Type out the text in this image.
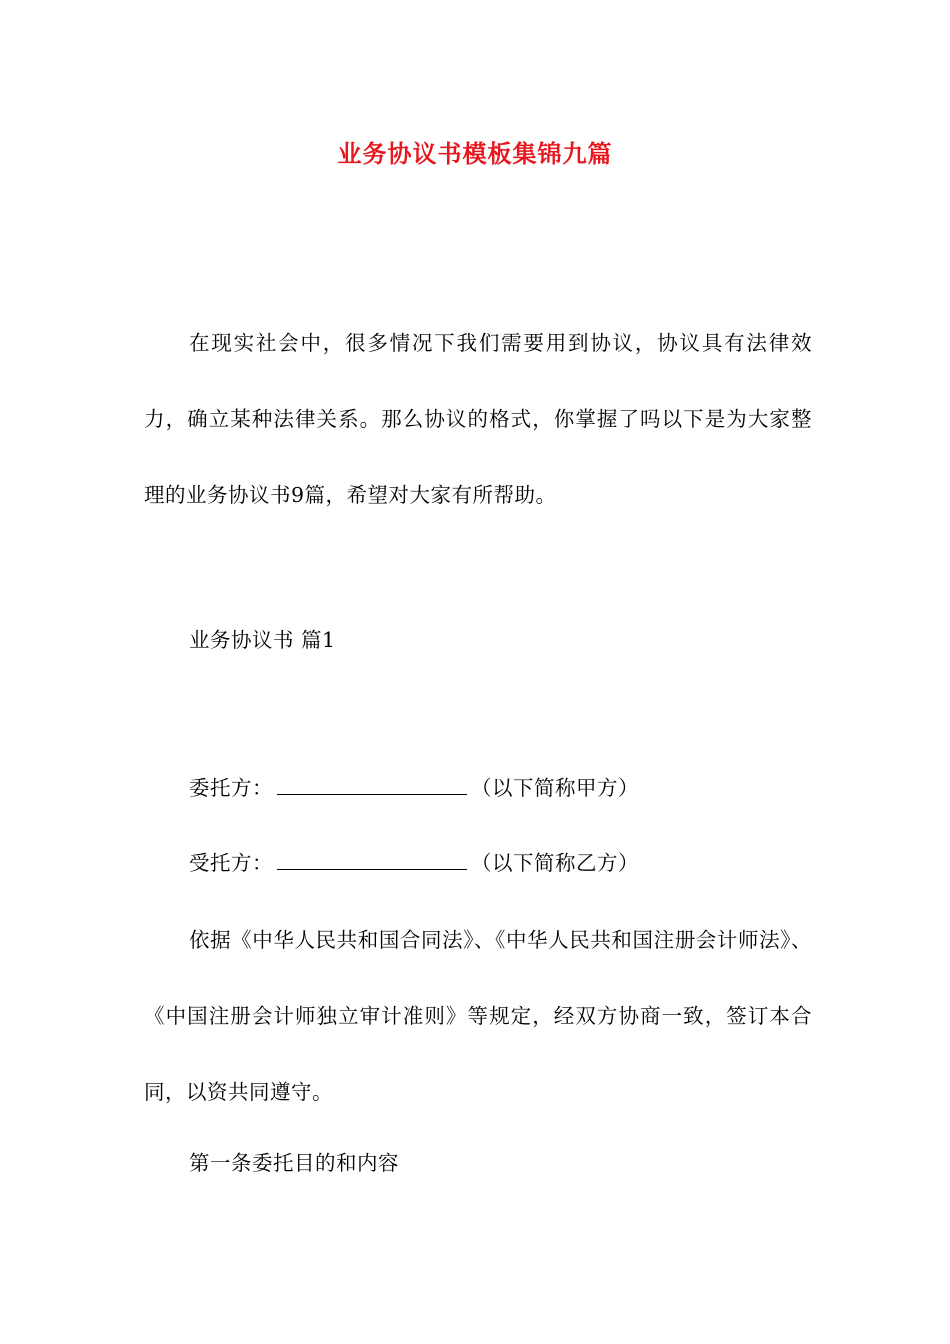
业务协议书模板集锦九篇
在现实社会中，很多情况下我们需要用到协议，协议具有法律效力，确立某种法律关系。那么协议的格式，你掌握了吗以下是为大家整理的业务协议书9篇，希望对大家有所帮助。
业务协议书 篇1
委托方：	（以下简称甲方）
受托方：	（以下简称乙方）
依据《中华人民共和国合同法》、《中华人民共和国注册会计师法》、《中国注册会计师独立审计准则》等规定，经双方协商一致，签订本合同，以资共同遵守。
第一条委托目的和内容
